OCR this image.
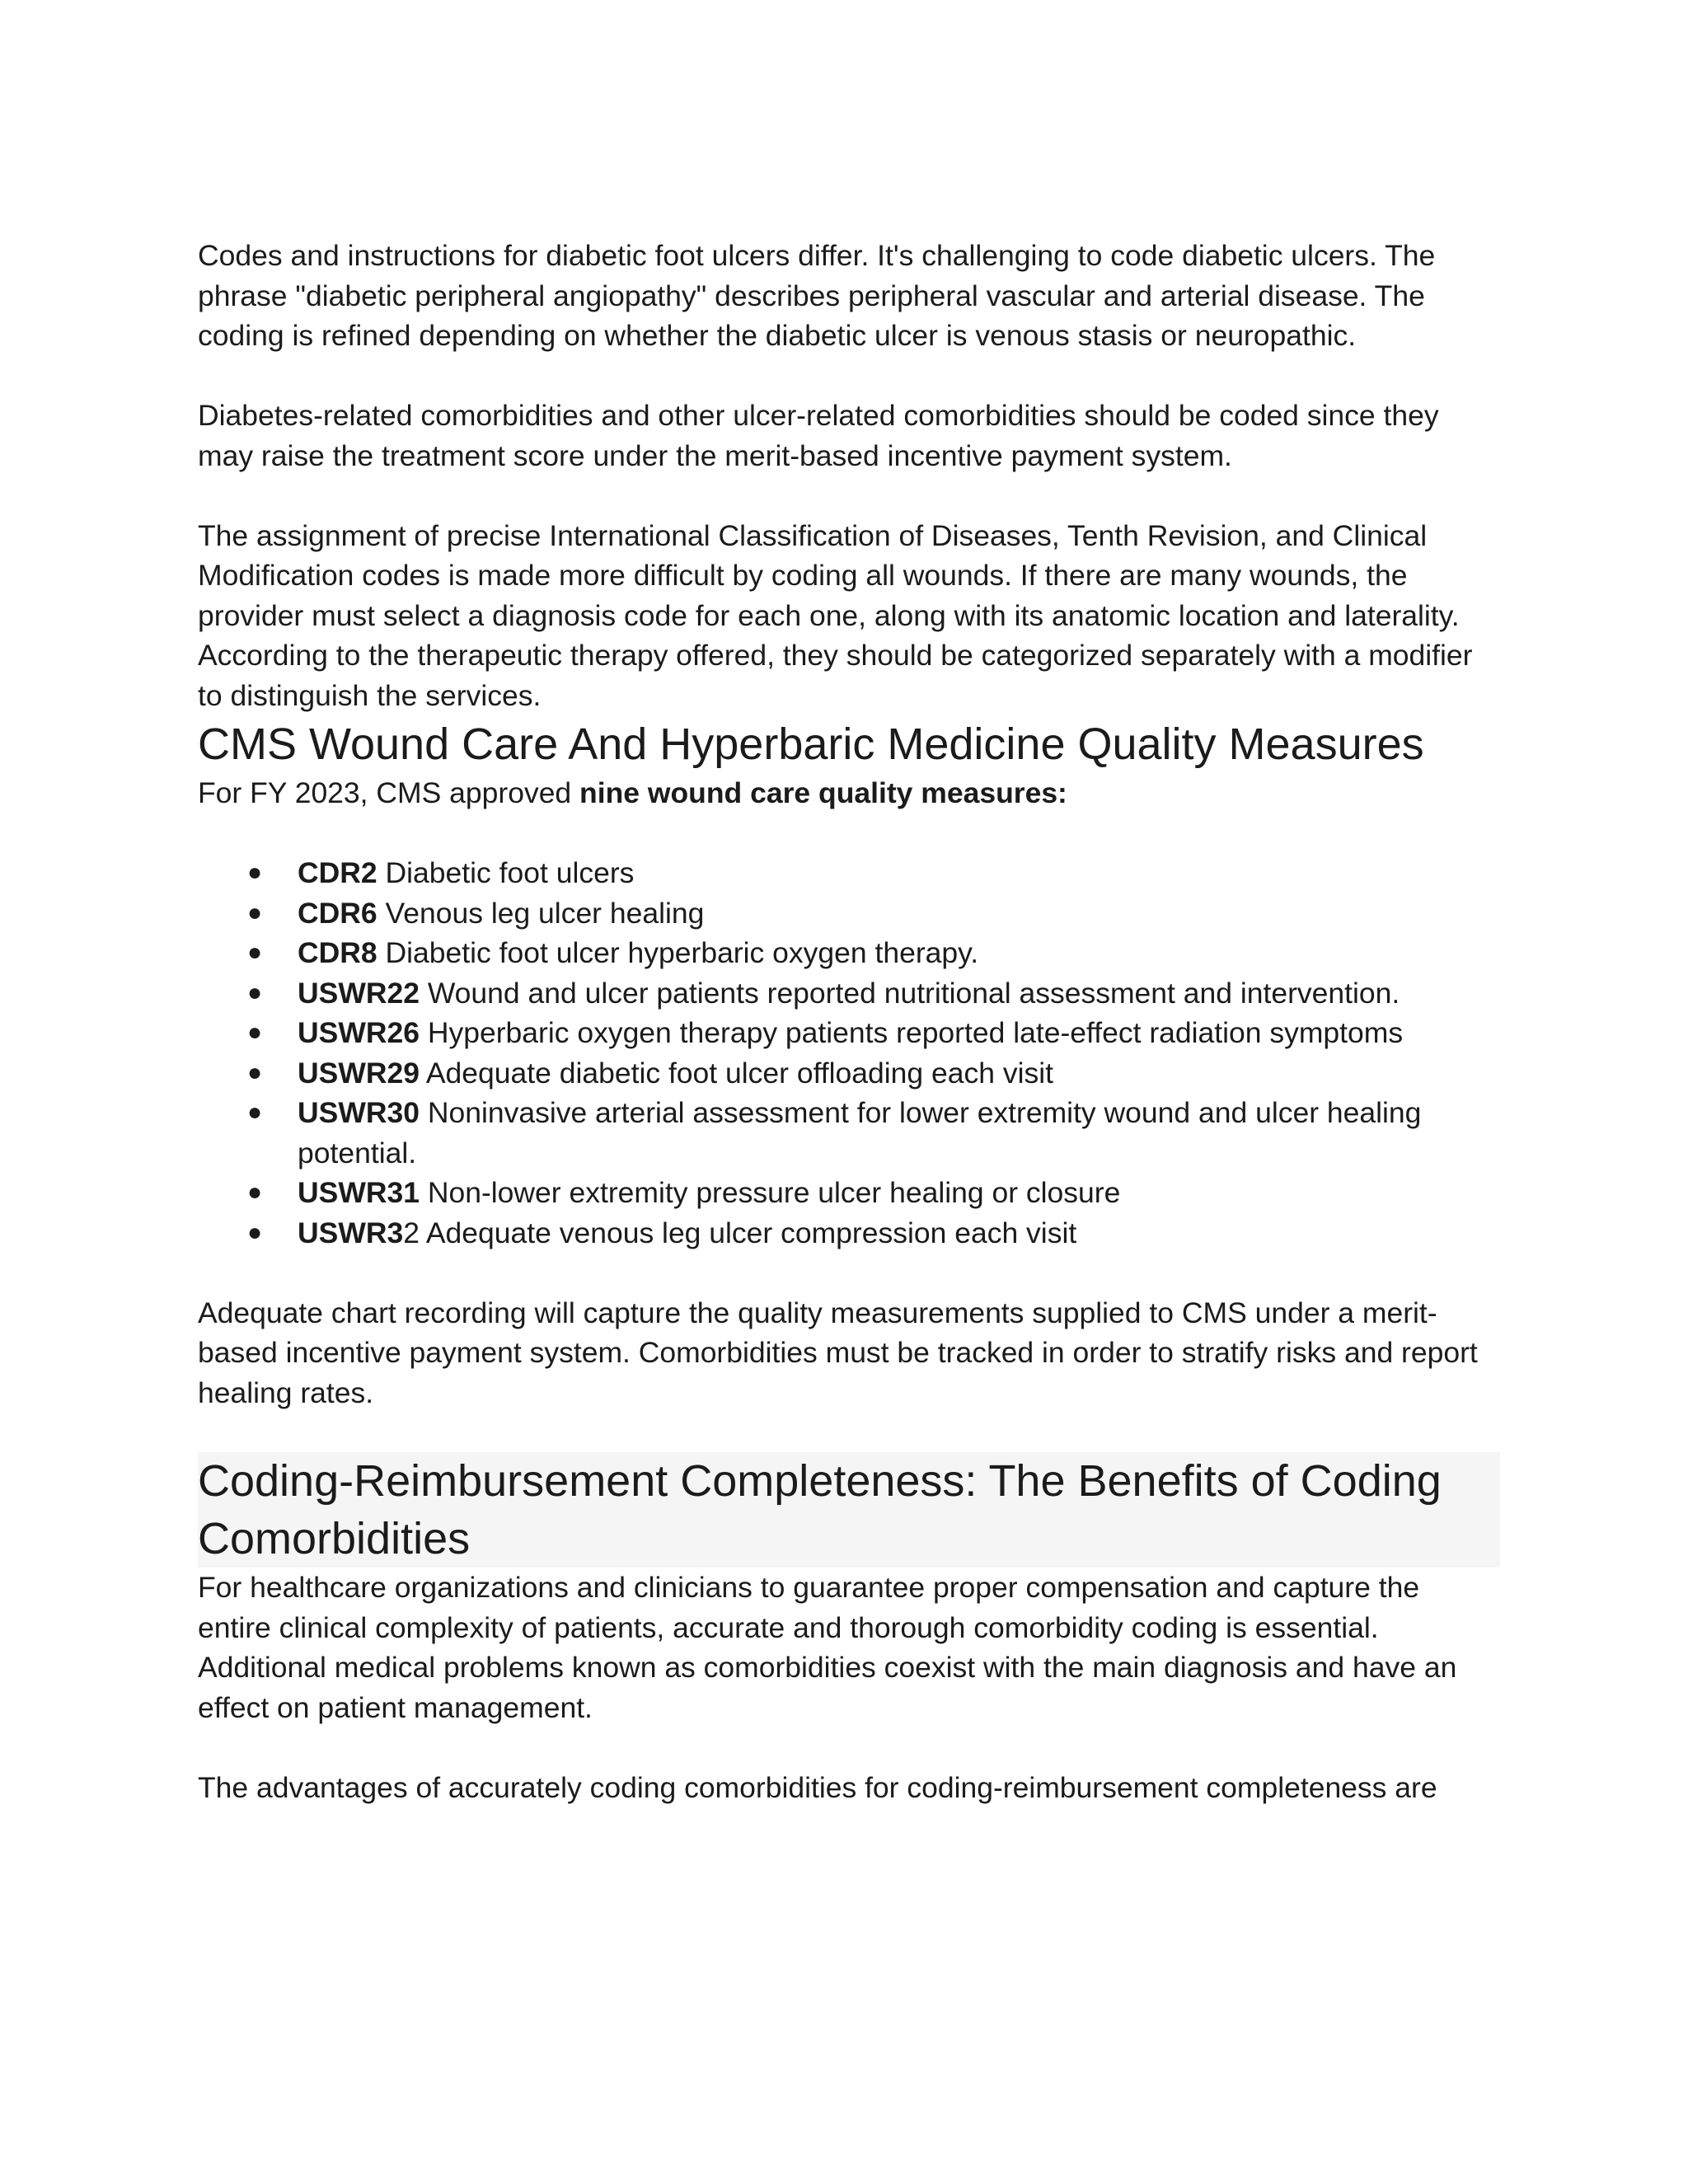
Codes and instructions for diabetic foot ulcers differ. It's challenging to code diabetic ulcers. The phrase "diabetic peripheral angiopathy" describes peripheral vascular and arterial disease. The coding is refined depending on whether the diabetic ulcer is venous stasis or neuropathic.

Diabetes-related comorbidities and other ulcer-related comorbidities should be coded since they may raise the treatment score under the merit-based incentive payment system.

The assignment of precise International Classification of Diseases, Tenth Revision, and Clinical Modification codes is made more difficult by coding all wounds. If there are many wounds, the provider must select a diagnosis code for each one, along with its anatomic location and laterality. According to the therapeutic therapy offered, they should be categorized separately with a modifier to distinguish the services.

CMS Wound Care And Hyperbaric Medicine Quality Measures

For FY 2023, CMS approved nine wound care quality measures:

● CDR2 Diabetic foot ulcers
● CDR6 Venous leg ulcer healing
● CDR8 Diabetic foot ulcer hyperbaric oxygen therapy.
● USWR22 Wound and ulcer patients reported nutritional assessment and intervention.
● USWR26 Hyperbaric oxygen therapy patients reported late-effect radiation symptoms
● USWR29 Adequate diabetic foot ulcer offloading each visit
● USWR30 Noninvasive arterial assessment for lower extremity wound and ulcer healing potential.
● USWR31 Non-lower extremity pressure ulcer healing or closure
● USWR32 Adequate venous leg ulcer compression each visit

Adequate chart recording will capture the quality measurements supplied to CMS under a merit-based incentive payment system. Comorbidities must be tracked in order to stratify risks and report healing rates.

Coding-Reimbursement Completeness: The Benefits of Coding Comorbidities

For healthcare organizations and clinicians to guarantee proper compensation and capture the entire clinical complexity of patients, accurate and thorough comorbidity coding is essential. Additional medical problems known as comorbidities coexist with the main diagnosis and have an effect on patient management.

The advantages of accurately coding comorbidities for coding-reimbursement completeness are
